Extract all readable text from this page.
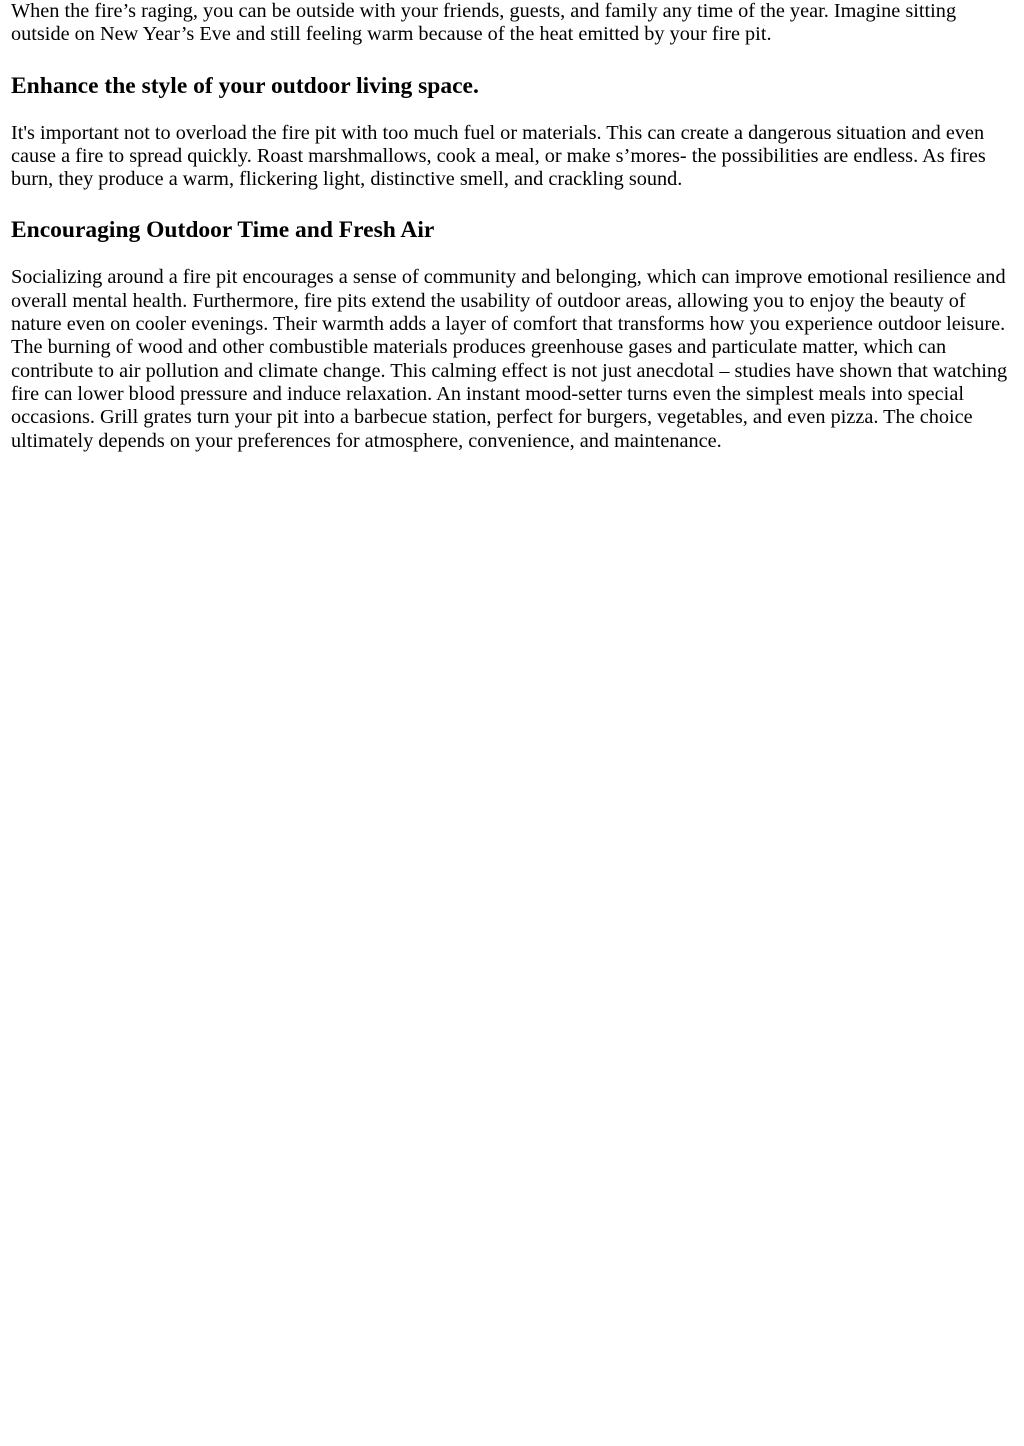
When the fire’s raging, you can be outside with your friends, guests, and family any time of the year. Imagine sitting outside on New Year’s Eve and still feeling warm because of the heat emitted by your fire pit.

Enhance the style of your outdoor living space.

It's important not to overload the fire pit with too much fuel or materials. This can create a dangerous situation and even cause a fire to spread quickly. Roast marshmallows, cook a meal, or make s’mores- the possibilities are endless. As fires burn, they produce a warm, flickering light, distinctive smell, and crackling sound.

Encouraging Outdoor Time and Fresh Air

Socializing around a fire pit encourages a sense of community and belonging, which can improve emotional resilience and overall mental health. Furthermore, fire pits extend the usability of outdoor areas, allowing you to enjoy the beauty of nature even on cooler evenings. Their warmth adds a layer of comfort that transforms how you experience outdoor leisure. The burning of wood and other combustible materials produces greenhouse gases and particulate matter, which can contribute to air pollution and climate change. This calming effect is not just anecdotal – studies have shown that watching fire can lower blood pressure and induce relaxation. An instant mood-setter turns even the simplest meals into special occasions. Grill grates turn your pit into a barbecue station, perfect for burgers, vegetables, and even pizza. The choice ultimately depends on your preferences for atmosphere, convenience, and maintenance.
